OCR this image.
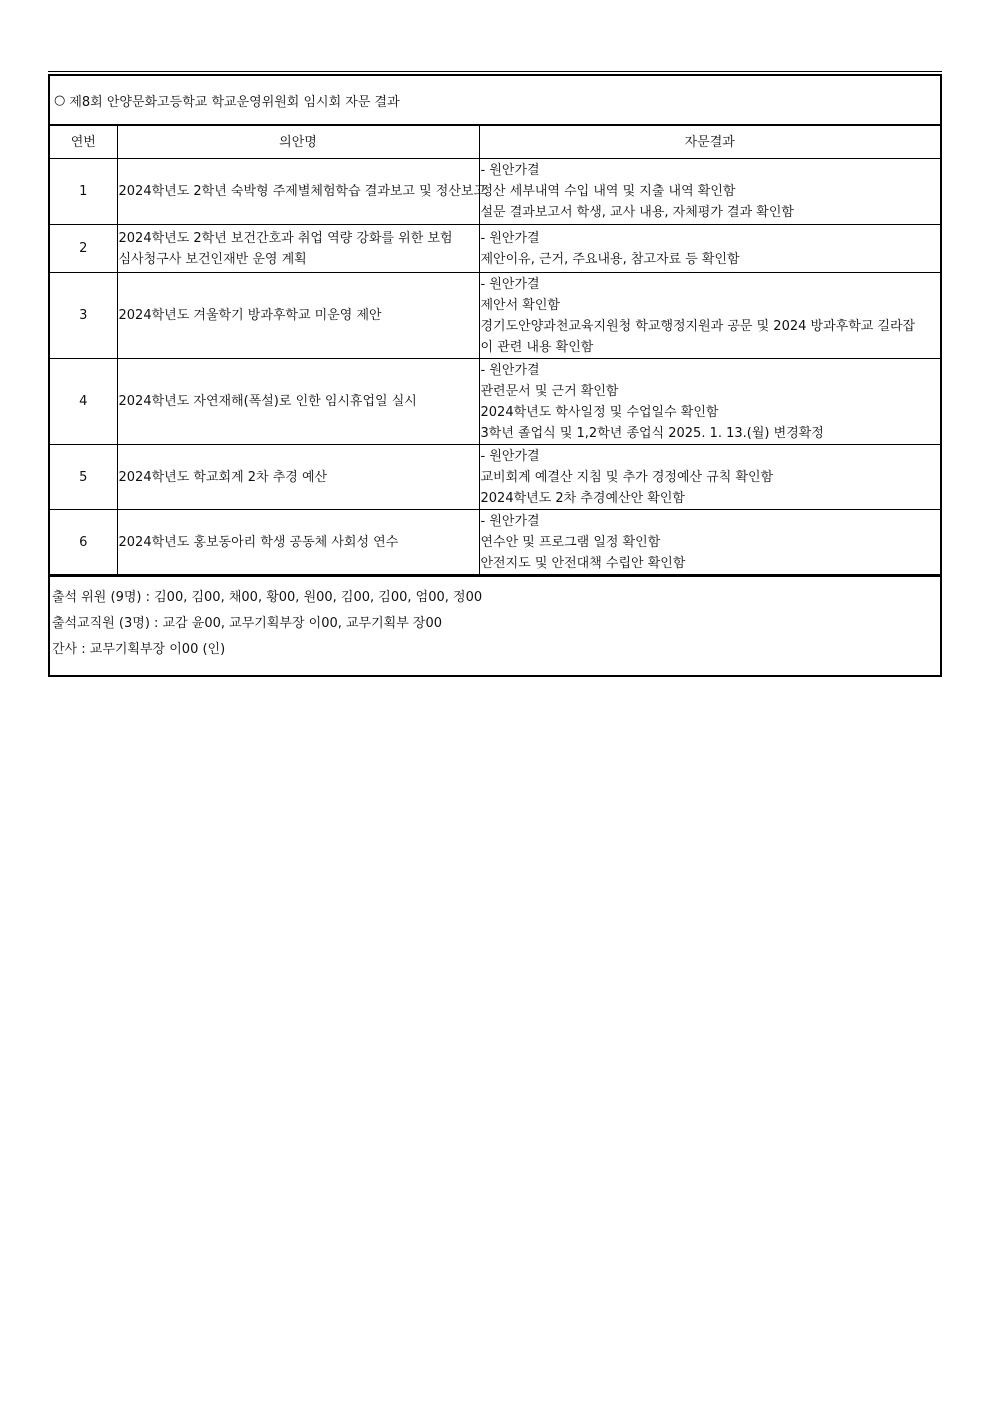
○ 제8회 안양문화고등학교 학교운영위원회 임시회 자문 결과
연번	의안명	자문결과
1	2024학년도 2학년 숙박형 주제별체험학습 결과보고 및 정산보고	- 원안가결
정산 세부내역 수입 내역 및 지출 내역 확인함
설문 결과보고서 학생, 교사 내용, 자체평가 결과 확인함

2	2024학년도 2학년 보건간호과 취업 역량 강화를 위한 보험
심사청구사 보건인재반 운영 계획	- 원안가결
제안이유, 근거, 주요내용, 참고자료 등 확인함

3	2024학년도 겨울학기 방과후학교 미운영 제안	- 원안가결
제안서 확인함
경기도안양과천교육지원청 학교행정지원과 공문 및 2024 방과후학교 길라잡
이 관련 내용 확인함

4	2024학년도 자연재해(폭설)로 인한 임시휴업일 실시	- 원안가결
관련문서 및 근거 확인함
2024학년도 학사일정 및 수업일수 확인함
3학년 졸업식 및 1,2학년 종업식 2025. 1. 13.(월) 변경확정

5	2024학년도 학교회계 2차 추경 예산	- 원안가결
교비회계 예결산 지침 및 추가 경정예산 규칙 확인함
2024학년도 2차 추경예산안 확인함

6	2024학년도 홍보동아리 학생 공동체 사회성 연수	- 원안가결
연수안 및 프로그램 일정 확인함
안전지도 및 안전대책 수립안 확인함
출석 위원 (9명) : 김00, 김00, 채00, 황00, 원00, 김00, 김00, 엄00, 정00
출석교직원 (3명) : 교감 윤00, 교무기획부장 이00, 교무기획부 장00
간사 : 교무기획부장 이00 (인)
